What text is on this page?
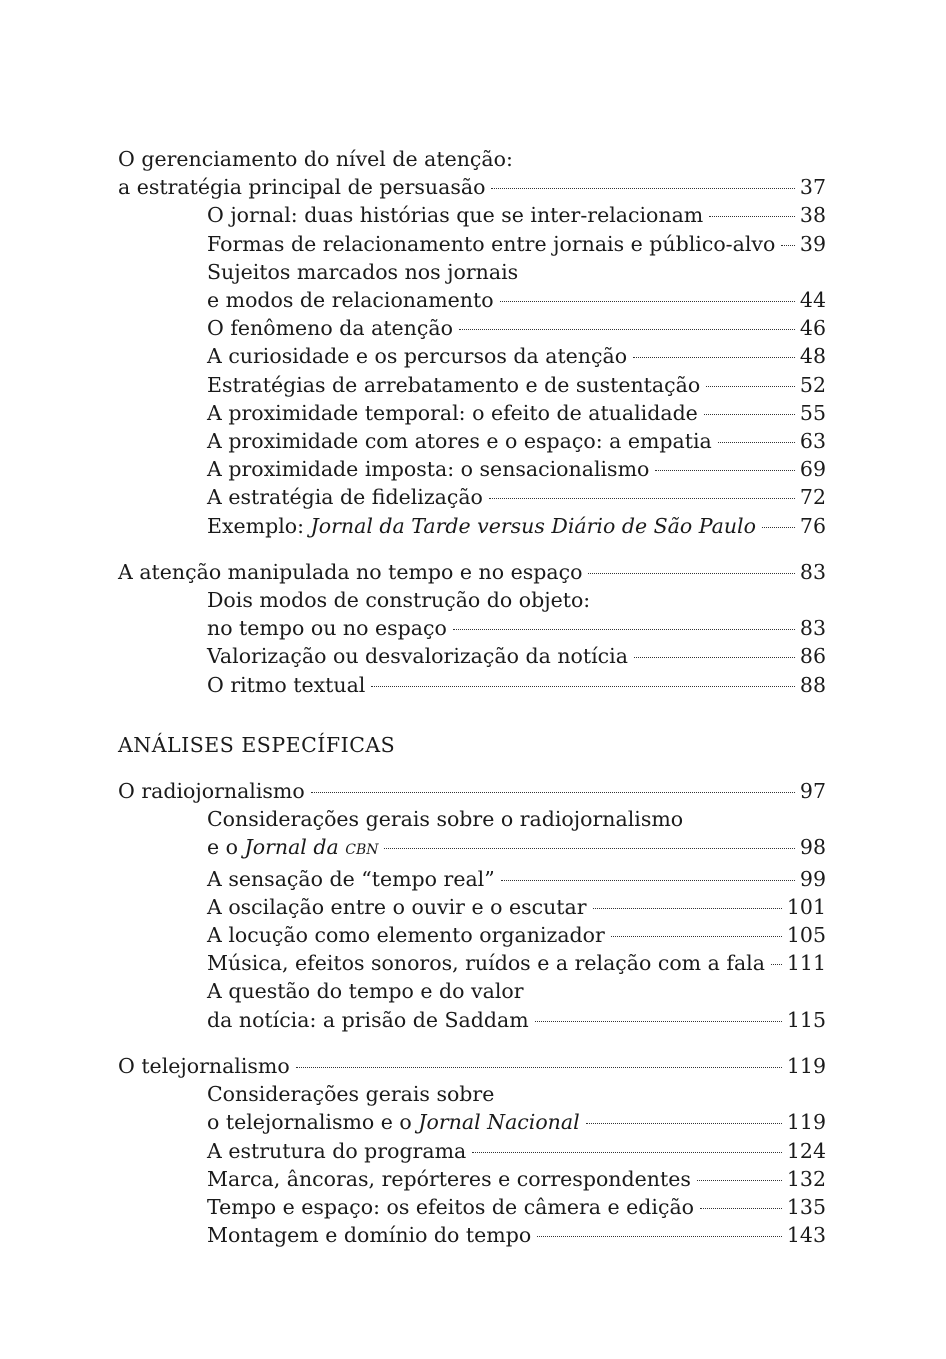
O gerenciamento do nível de atenção:
a estratégia principal de persuasão	37
O jornal: duas histórias que se inter-relacionam	38
Formas de relacionamento entre jornais e público-alvo 39
Sujeitos marcados nos jornais
e modos de relacionamento	44
O fenômeno da atenção	46
A curiosidade e os percursos da atenção	48
Estratégias de arrebatamento e de sustentação	52
A proximidade temporal: o efeito de atualidade	55
A proximidade com atores e o espaço: a empatia	63
A proximidade imposta: o sensacionalismo	69
A estratégia de fidelização	72
Exemplo: Jornal da Tarde versus Diário de São Paulo 76
A atenção manipulada no tempo e no espaço	83
Dois modos de construção do objeto:
no tempo ou no espaço	83
Valorização ou desvalorização da notícia	86
O ritmo textual	88
ANÁLISES ESPECÍFICAS
O radiojornalismo	97
Considerações gerais sobre o radiojornalismo
e o Jornal da CBN	98
A sensação de “tempo real”	99
A oscilação entre o ouvir e o escutar	101
A locução como elemento organizador	105
Música, efeitos sonoros, ruídos e a relação com a fala 111
A questão do tempo e do valor
da notícia: a prisão de Saddam	115
O telejornalismo	119
Considerações gerais sobre
o telejornalismo e o Jornal Nacional	119
A estrutura do programa	124
Marca, âncoras, repórteres e correspondentes	132
Tempo e espaço: os efeitos de câmera e edição	135
Montagem e domínio do tempo	143
